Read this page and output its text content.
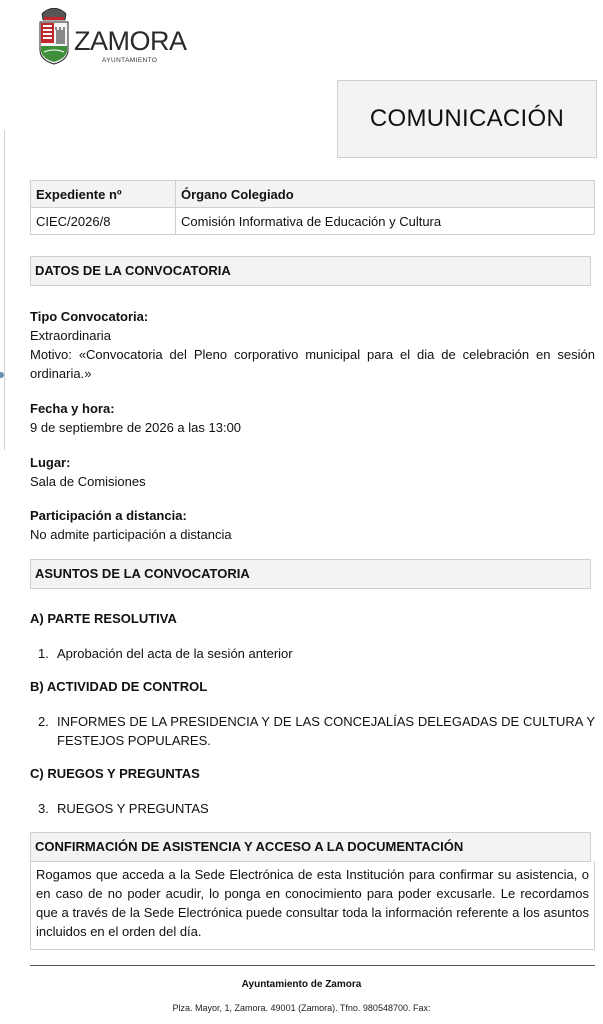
ZAMORA
AYUNTAMIENTO
COMUNICACIÓN
Expediente nº	Órgano Colegiado
CIEC/2026/8	Comisión Informativa de Educación y Cultura
DATOS DE LA CONVOCATORIA
Tipo Convocatoria:
Extraordinaria
Motivo: «Convocatoria del Pleno corporativo municipal para el dia de celebración en sesión ordinaria.»
Fecha y hora:
9 de septiembre de 2026 a las 13:00
Lugar:
Sala de Comisiones
Participación a distancia:
No admite participación a distancia
ASUNTOS DE LA CONVOCATORIA
A) PARTE RESOLUTIVA
1. Aprobación del acta de la sesión anterior
B) ACTIVIDAD DE CONTROL
2. INFORMES DE LA PRESIDENCIA Y DE LAS CONCEJALÍAS DELEGADAS DE CULTURA Y FESTEJOS POPULARES.
C) RUEGOS Y PREGUNTAS
3. RUEGOS Y PREGUNTAS
CONFIRMACIÓN DE ASISTENCIA Y ACCESO A LA DOCUMENTACIÓN
Rogamos que acceda a la Sede Electrónica de esta Institución para confirmar su asistencia, o en caso de no poder acudir, lo ponga en conocimiento para poder excusarle. Le recordamos que a través de la Sede Electrónica puede consultar toda la información referente a los asuntos incluidos en el orden del día.
Ayuntamiento de Zamora
Plza. Mayor, 1, Zamora. 49001 (Zamora). Tfno. 980548700. Fax:
